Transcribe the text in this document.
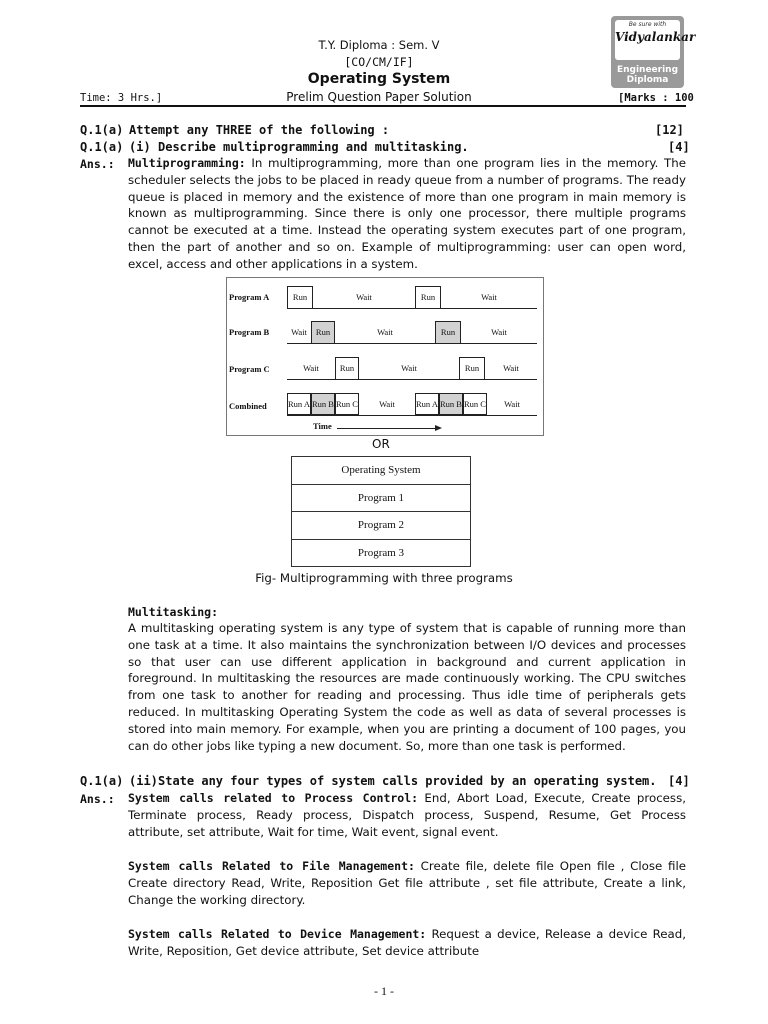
T.Y. Diploma : Sem. V
[CO/CM/IF]
Operating System
Time: 3 Hrs.]	Prelim Question Paper Solution	[Marks : 100
Be sure with
Vidyalankar
Engineering
Diploma
Q.1(a) Attempt any THREE of the following :	[12]
Q.1(a) (i) Describe multiprogramming and multitasking.	[4]
Ans.: Multiprogramming: In multiprogramming, more than one program lies in the memory. The scheduler selects the jobs to be placed in ready queue from a number of programs. The ready queue is placed in memory and the existence of more than one program in main memory is known as multiprogramming. Since there is only one processor, there multiple programs cannot be executed at a time. Instead the operating system executes part of one program, then the part of another and so on. Example of multiprogramming: user can open word, excel, access and other applications in a system.
Program A
Program B
Program C
Combined
Run	Wait	Run	Wait
Wait	Run	Wait	Run	Wait
Wait	Run	Wait	Run	Wait
Run A Run B Run C	Wait	Run A Run B Run C	Wait
Time
OR
Operating System
Program 1
Program 2
Program 3
Fig- Multiprogramming with three programs
Multitasking:
A multitasking operating system is any type of system that is capable of running more than one task at a time. It also maintains the synchronization between I/O devices and processes so that user can use different application in background and current application in foreground. In multitasking the resources are made continuously working. The CPU switches from one task to another for reading and processing. Thus idle time of peripherals gets reduced. In multitasking Operating System the code as well as data of several processes is stored into main memory. For example, when you are printing a document of 100 pages, you can do other jobs like typing a new document. So, more than one task is performed.
Q.1(a) (ii) State any four types of system calls provided by an operating system. [4]
Ans.: System calls related to Process Control: End, Abort Load, Execute, Create process, Terminate process, Ready process, Dispatch process, Suspend, Resume, Get Process attribute, set attribute, Wait for time, Wait event, signal event.
System calls Related to File Management: Create file, delete file Open file , Close file Create directory Read, Write, Reposition Get file attribute , set file attribute, Create a link, Change the working directory.
System calls Related to Device Management: Request a device, Release a device Read, Write, Reposition, Get device attribute, Set device attribute
- 1 -
